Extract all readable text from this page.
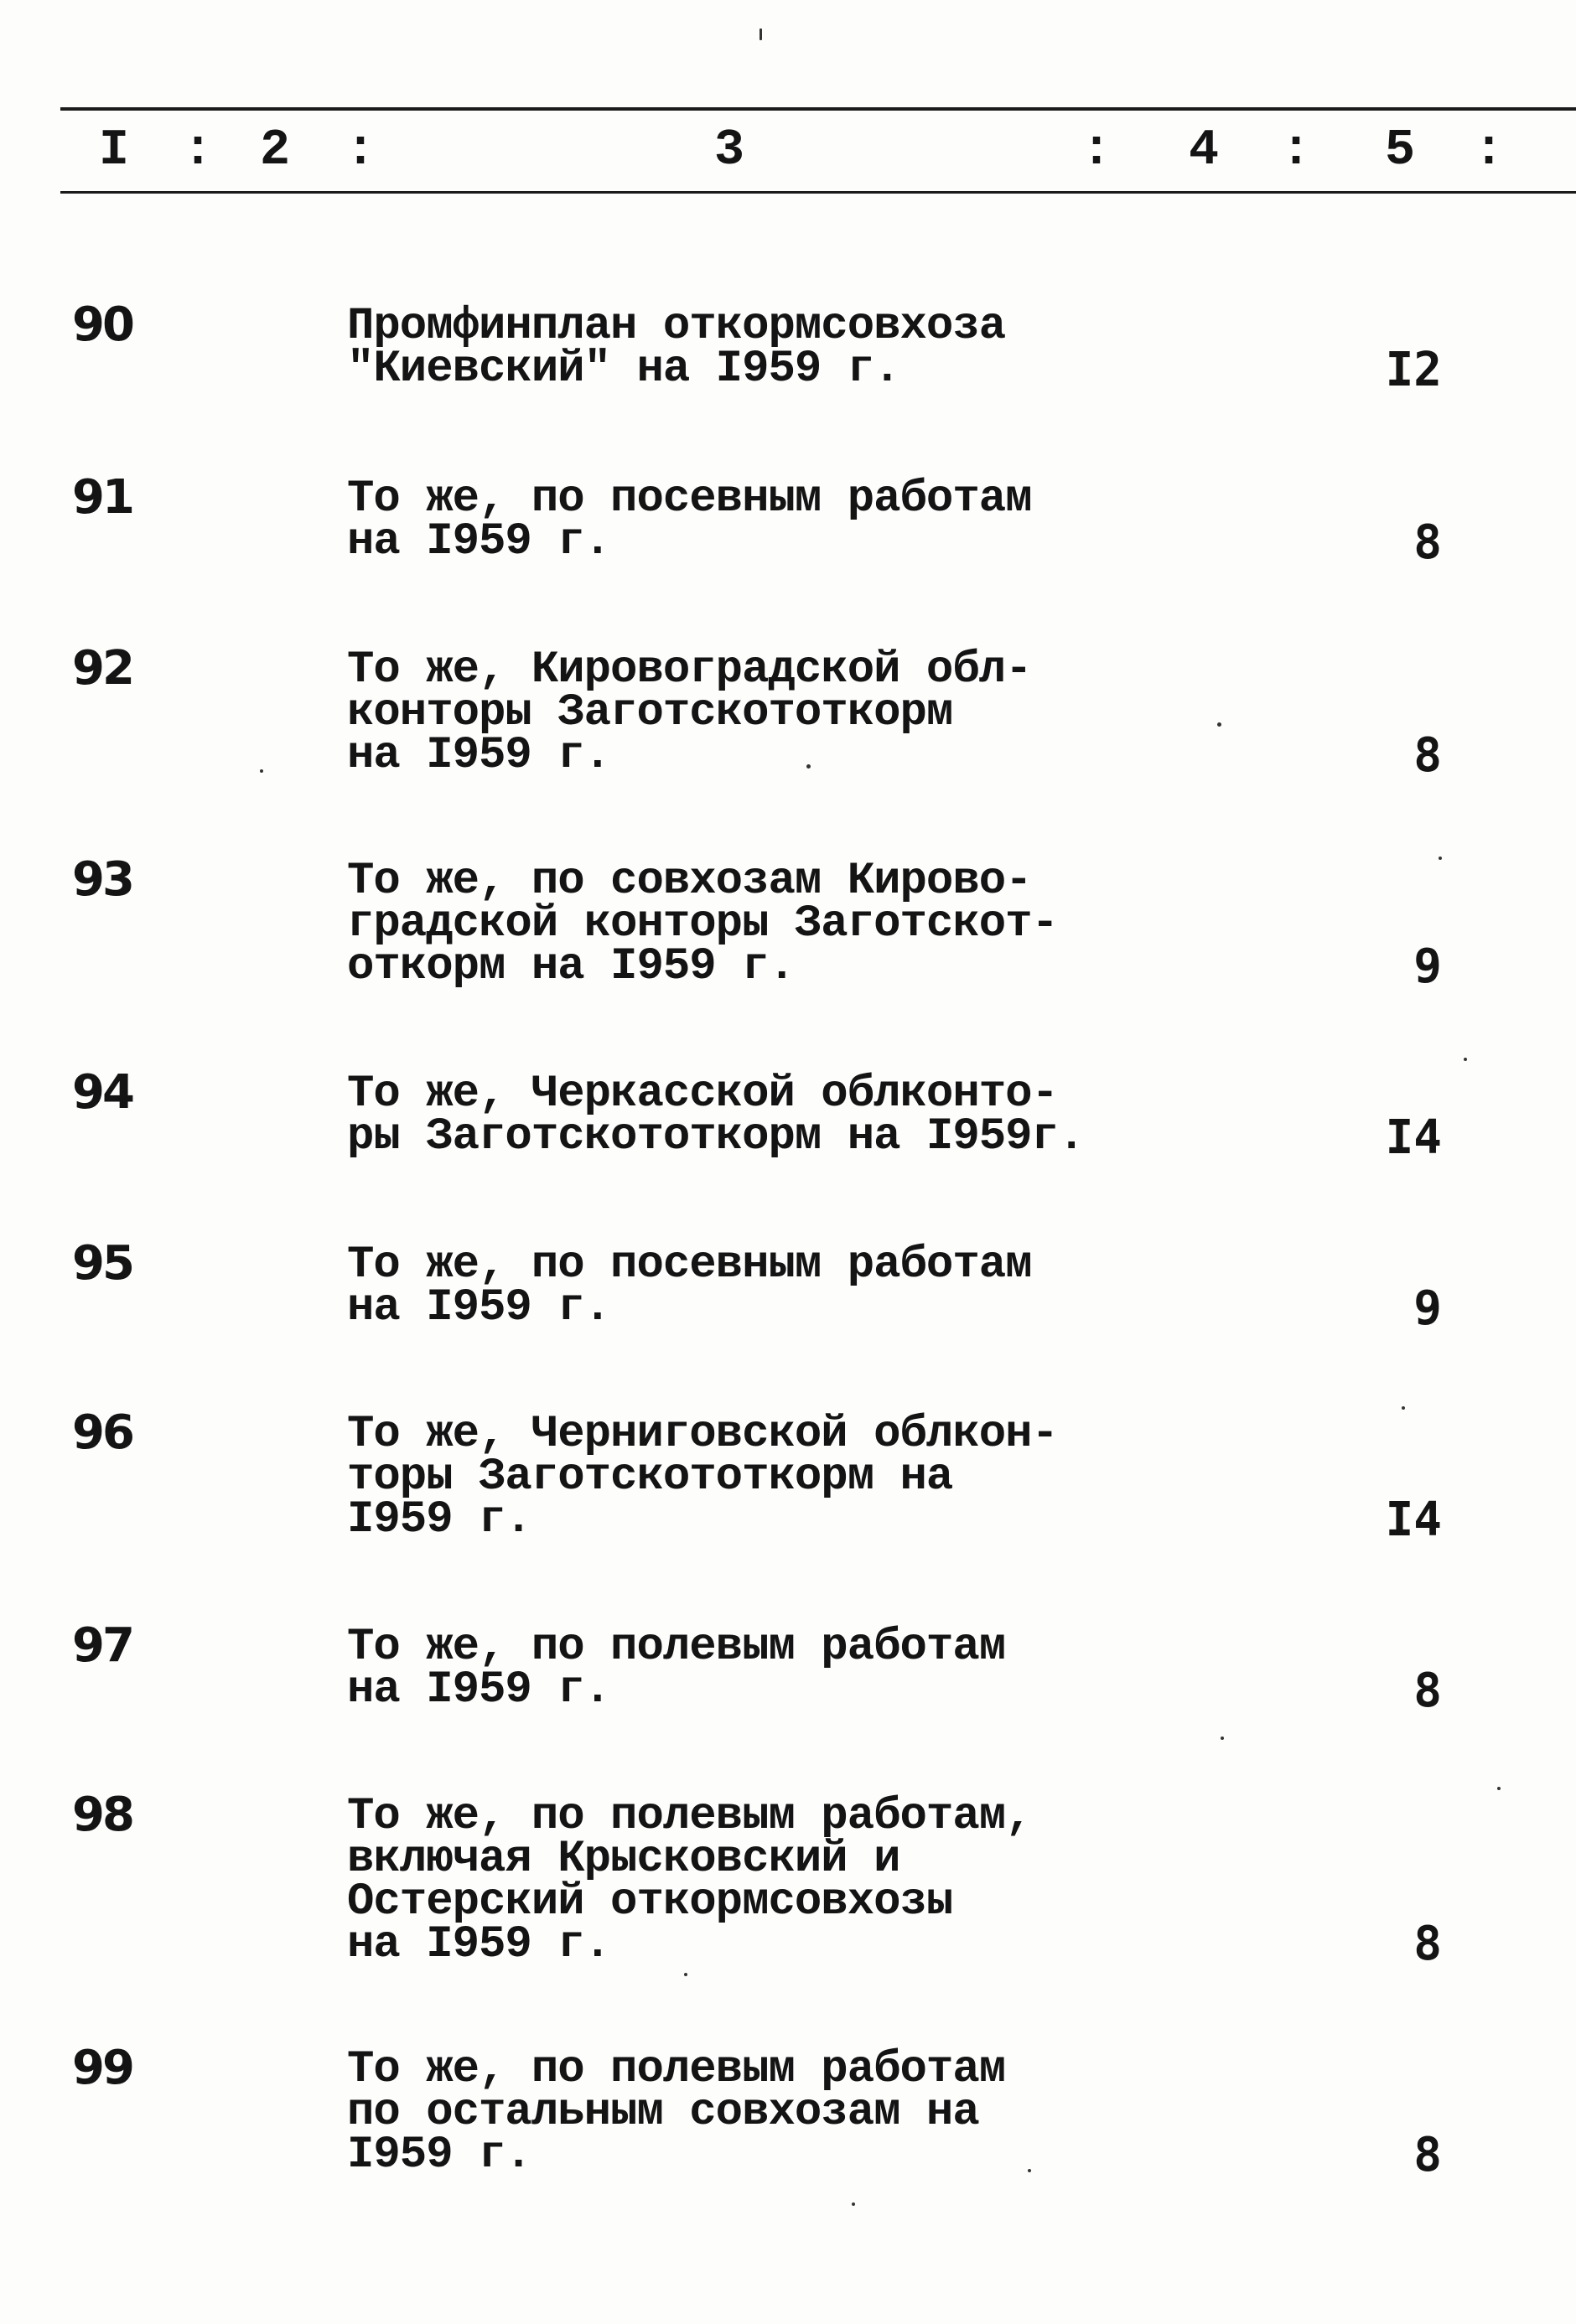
I : 2 :	3	: 4 : 5 :
90	Промфинплан откормсовхоза
"Киевский" на I959 г.	I2
91	То же, по посевным работам
на I959 г.	8
92	То же, Кировоградской обл-
конторы Заготскототкорм
на I959 г.	8
93	То же, по совхозам Кирово-
градской конторы Заготскот-
откорм на I959 г.	9
94	То же, Черкасской облконто-
ры Заготскототкорм на I959г.	I4
95	То же, по посевным работам
на I959 г.	9
96	То же, Черниговской облкон-
торы Заготскототкорм на
I959 г.	I4
97	То же, по полевым работам
на I959 г.	8
98	То же, по полевым работам,
включая Крысковский и
Остерский откормсовхозы
на I959 г.	8
99	То же, по полевым работам
по остальным совхозам на
I959 г.	8
